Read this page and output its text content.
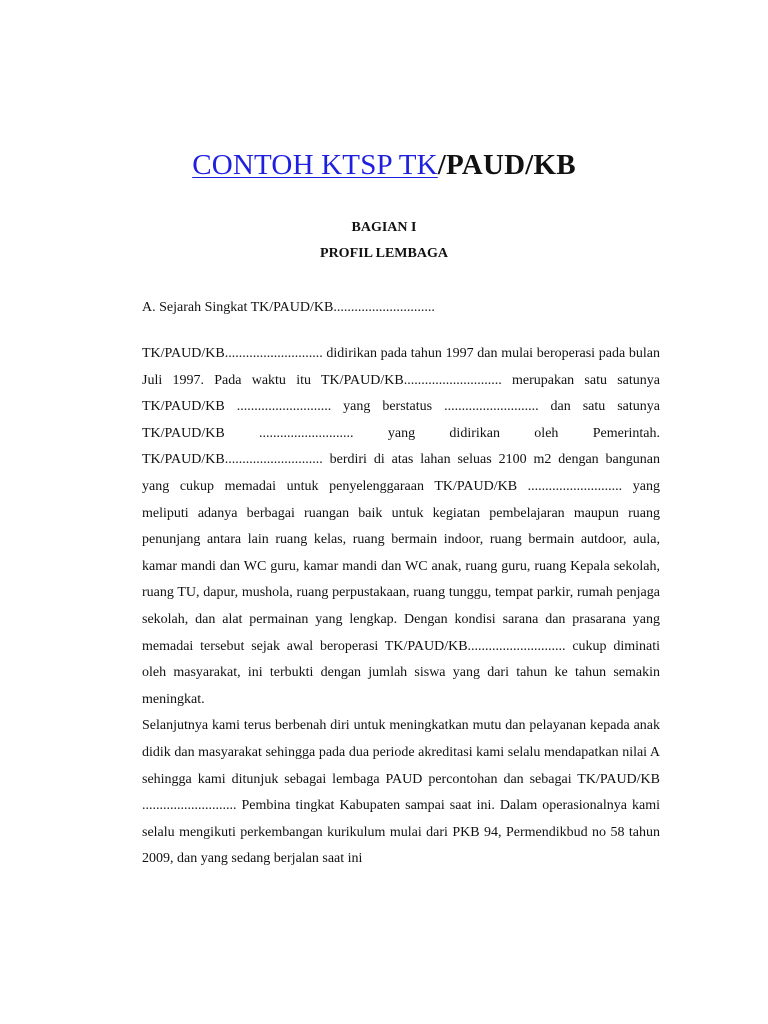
CONTOH KTSP TK/PAUD/KB

BAGIAN I

PROFIL LEMBAGA

A. Sejarah Singkat TK/PAUD/KB.............................

TK/PAUD/KB............................ didirikan pada tahun 1997 dan mulai beroperasi pada bulan Juli 1997. Pada waktu itu TK/PAUD/KB............................ merupakan satu satunya TK/PAUD/KB ........................... yang berstatus ........................... dan satu satunya TK/PAUD/KB ........................... yang didirikan oleh Pemerintah. TK/PAUD/KB............................ berdiri di atas lahan seluas 2100 m2 dengan bangunan yang cukup memadai untuk penyelenggaraan TK/PAUD/KB ........................... yang meliputi adanya berbagai ruangan baik untuk kegiatan pembelajaran maupun ruang penunjang antara lain ruang kelas, ruang bermain indoor, ruang bermain autdoor, aula, kamar mandi dan WC guru, kamar mandi dan WC anak, ruang guru, ruang Kepala sekolah, ruang TU, dapur, mushola, ruang perpustakaan, ruang tunggu, tempat parkir, rumah penjaga sekolah, dan alat permainan yang lengkap. Dengan kondisi sarana dan prasarana yang memadai tersebut sejak awal beroperasi TK/PAUD/KB............................ cukup diminati oleh masyarakat, ini terbukti dengan jumlah siswa yang dari tahun ke tahun semakin meningkat.

Selanjutnya kami terus berbenah diri untuk meningkatkan mutu dan pelayanan kepada anak didik dan masyarakat sehingga pada dua periode akreditasi kami selalu mendapatkan nilai A sehingga kami ditunjuk sebagai lembaga PAUD percontohan dan sebagai TK/PAUD/KB ........................... Pembina tingkat Kabupaten sampai saat ini. Dalam operasionalnya kami selalu mengikuti perkembangan kurikulum mulai dari PKB 94, Permendikbud no 58 tahun 2009, dan yang sedang berjalan saat ini
